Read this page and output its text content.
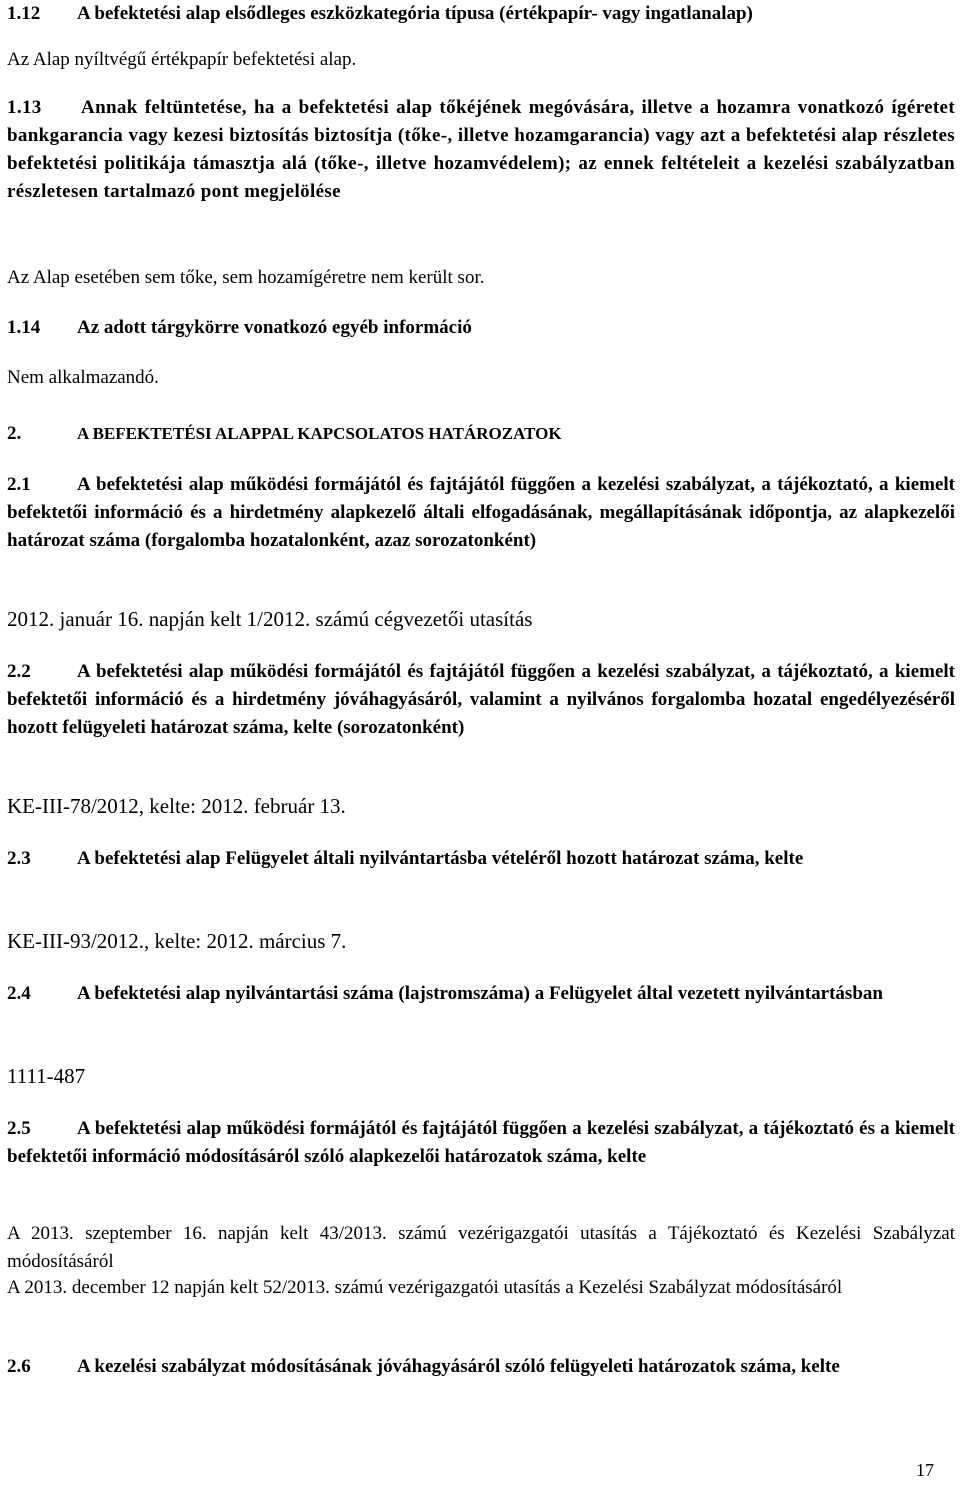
1.12 A befektetési alap elsődleges eszközkategória típusa (értékpapír- vagy ingatlanalap)

Az Alap nyíltvégű értékpapír befektetési alap.

1.13 Annak feltüntetése, ha a befektetési alap tőkéjének megóvására, illetve a hozamra vonatkozó ígéretet bankgarancia vagy kezesi biztosítás biztosítja (tőke-, illetve hozamgarancia) vagy azt a befektetési alap részletes befektetési politikája támasztja alá (tőke-, illetve hozamvédelem); az ennek feltételeit a kezelési szabályzatban részletesen tartalmazó pont megjelölése

Az Alap esetében sem tőke, sem hozamígéretre nem került sor.

1.14 Az adott tárgykörre vonatkozó egyéb információ

Nem alkalmazandó.

2.	A BEFEKTETÉSI ALAPPAL KAPCSOLATOS HATÁROZATOK

2.1 A befektetési alap működési formájától és fajtájától függően a kezelési szabályzat, a tájékoztató, a kiemelt befektetői információ és a hirdetmény alapkezelő általi elfogadásának, megállapításának időpontja, az alapkezelői határozat száma (forgalomba hozatalonként, azaz sorozatonként)

2012. január 16. napján kelt 1/2012. számú cégvezetői utasítás

2.2 A befektetési alap működési formájától és fajtájától függően a kezelési szabályzat, a tájékoztató, a kiemelt befektetői információ és a hirdetmény jóváhagyásáról, valamint a nyilvános forgalomba hozatal engedélyezéséről hozott felügyeleti határozat száma, kelte (sorozatonként)

KE-III-78/2012, kelte: 2012. február 13.

2.3 A befektetési alap Felügyelet általi nyilvántartásba vételéről hozott határozat száma, kelte

KE-III-93/2012., kelte: 2012. március 7.

2.4 A befektetési alap nyilvántartási száma (lajstromszáma) a Felügyelet által vezetett nyilvántartásban

1111-487

2.5 A befektetési alap működési formájától és fajtájától függően a kezelési szabályzat, a tájékoztató és a kiemelt befektetői információ módosításáról szóló alapkezelői határozatok száma, kelte

A 2013. szeptember 16. napján kelt 43/2013. számú vezérigazgatói utasítás a Tájékoztató és Kezelési Szabályzat módosításáról

A 2013. december 12 napján kelt 52/2013. számú vezérigazgatói utasítás a Kezelési Szabályzat módosításáról

2.6 A kezelési szabályzat módosításának jóváhagyásáról szóló felügyeleti határozatok száma, kelte

17
